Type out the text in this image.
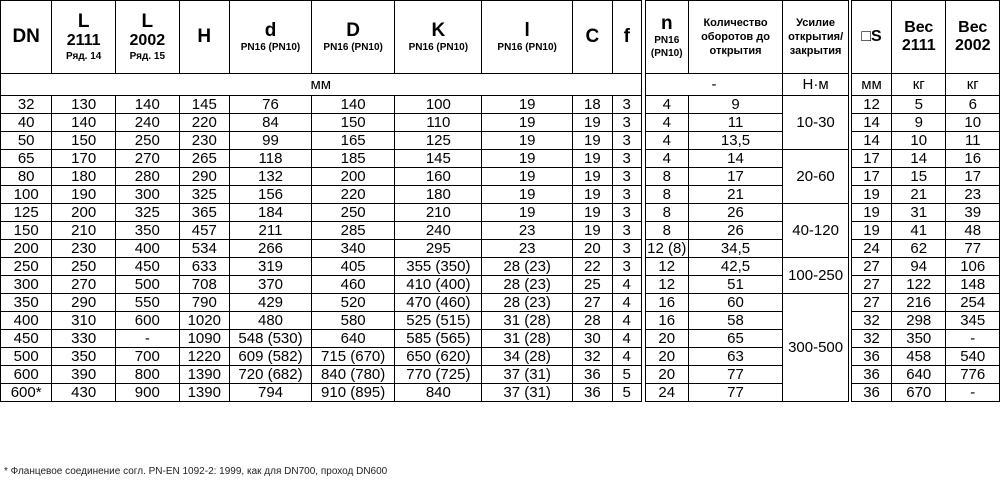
DN	L
2111
Ряд. 14	L
2002
Ряд. 15	H	d
PN16 (PN10)	D
PN16 (PN10)	K
PN16 (PN10)	l
PN16 (PN10)	C	f		n
PN16
(PN10)	Количество оборотов до открытия	Усилие открытия/ закрытия		□S	Вес
2111	Вес
2002

мм											-		Н·м		мм	кг	кг
32	130	140	145	76	140	100	19	18	3		4	9	10-30		12	5	6
40	140	240	220	84	150	110	19	19	3		4	11			14	9	10
50	150	250	230	99	165	125	19	19	3		4	13,5			14	10	11
65	170	270	265	118	185	145	19	19	3		4	14	20-60		17	14	16
80	180	280	290	132	200	160	19	19	3		8	17			17	15	17
100	190	300	325	156	220	180	19	19	3		8	21			19	21	23
125	200	325	365	184	250	210	19	19	3		8	26	40-120		19	31	39
150	210	350	457	211	285	240	23	19	3		8	26			19	41	48
200	230	400	534	266	340	295	23	20	3		12 (8)	34,5			24	62	77
250	250	450	633	319	405	355 (350)	28 (23)	22	3		12	42,5	100-250		27	94	106
300	270	500	708	370	460	410 (400)	28 (23)	25	4		12	51			27	122	148
350	290	550	790	429	520	470 (460)	28 (23)	27	4		16	60	300-500		27	216	254
400	310	600	1020	480	580	525 (515)	31 (28)	28	4		16	58			32	298	345
450	330	-	1090	548 (530)	640	585 (565)	31 (28)	30	4		20	65			32	350	-
500	350	700	1220	609 (582)	715 (670)	650 (620)	34 (28)	32	4		20	63			36	458	540
600	390	800	1390	720 (682)	840 (780)	770 (725)	37 (31)	36	5		20	77			36	640	776
600*	430	900	1390	794	910 (895)	840	37 (31)	36	5		24	77			36	670	-
* Фланцевое соединение согл. PN-EN 1092-2: 1999, как для DN700, проход DN600
